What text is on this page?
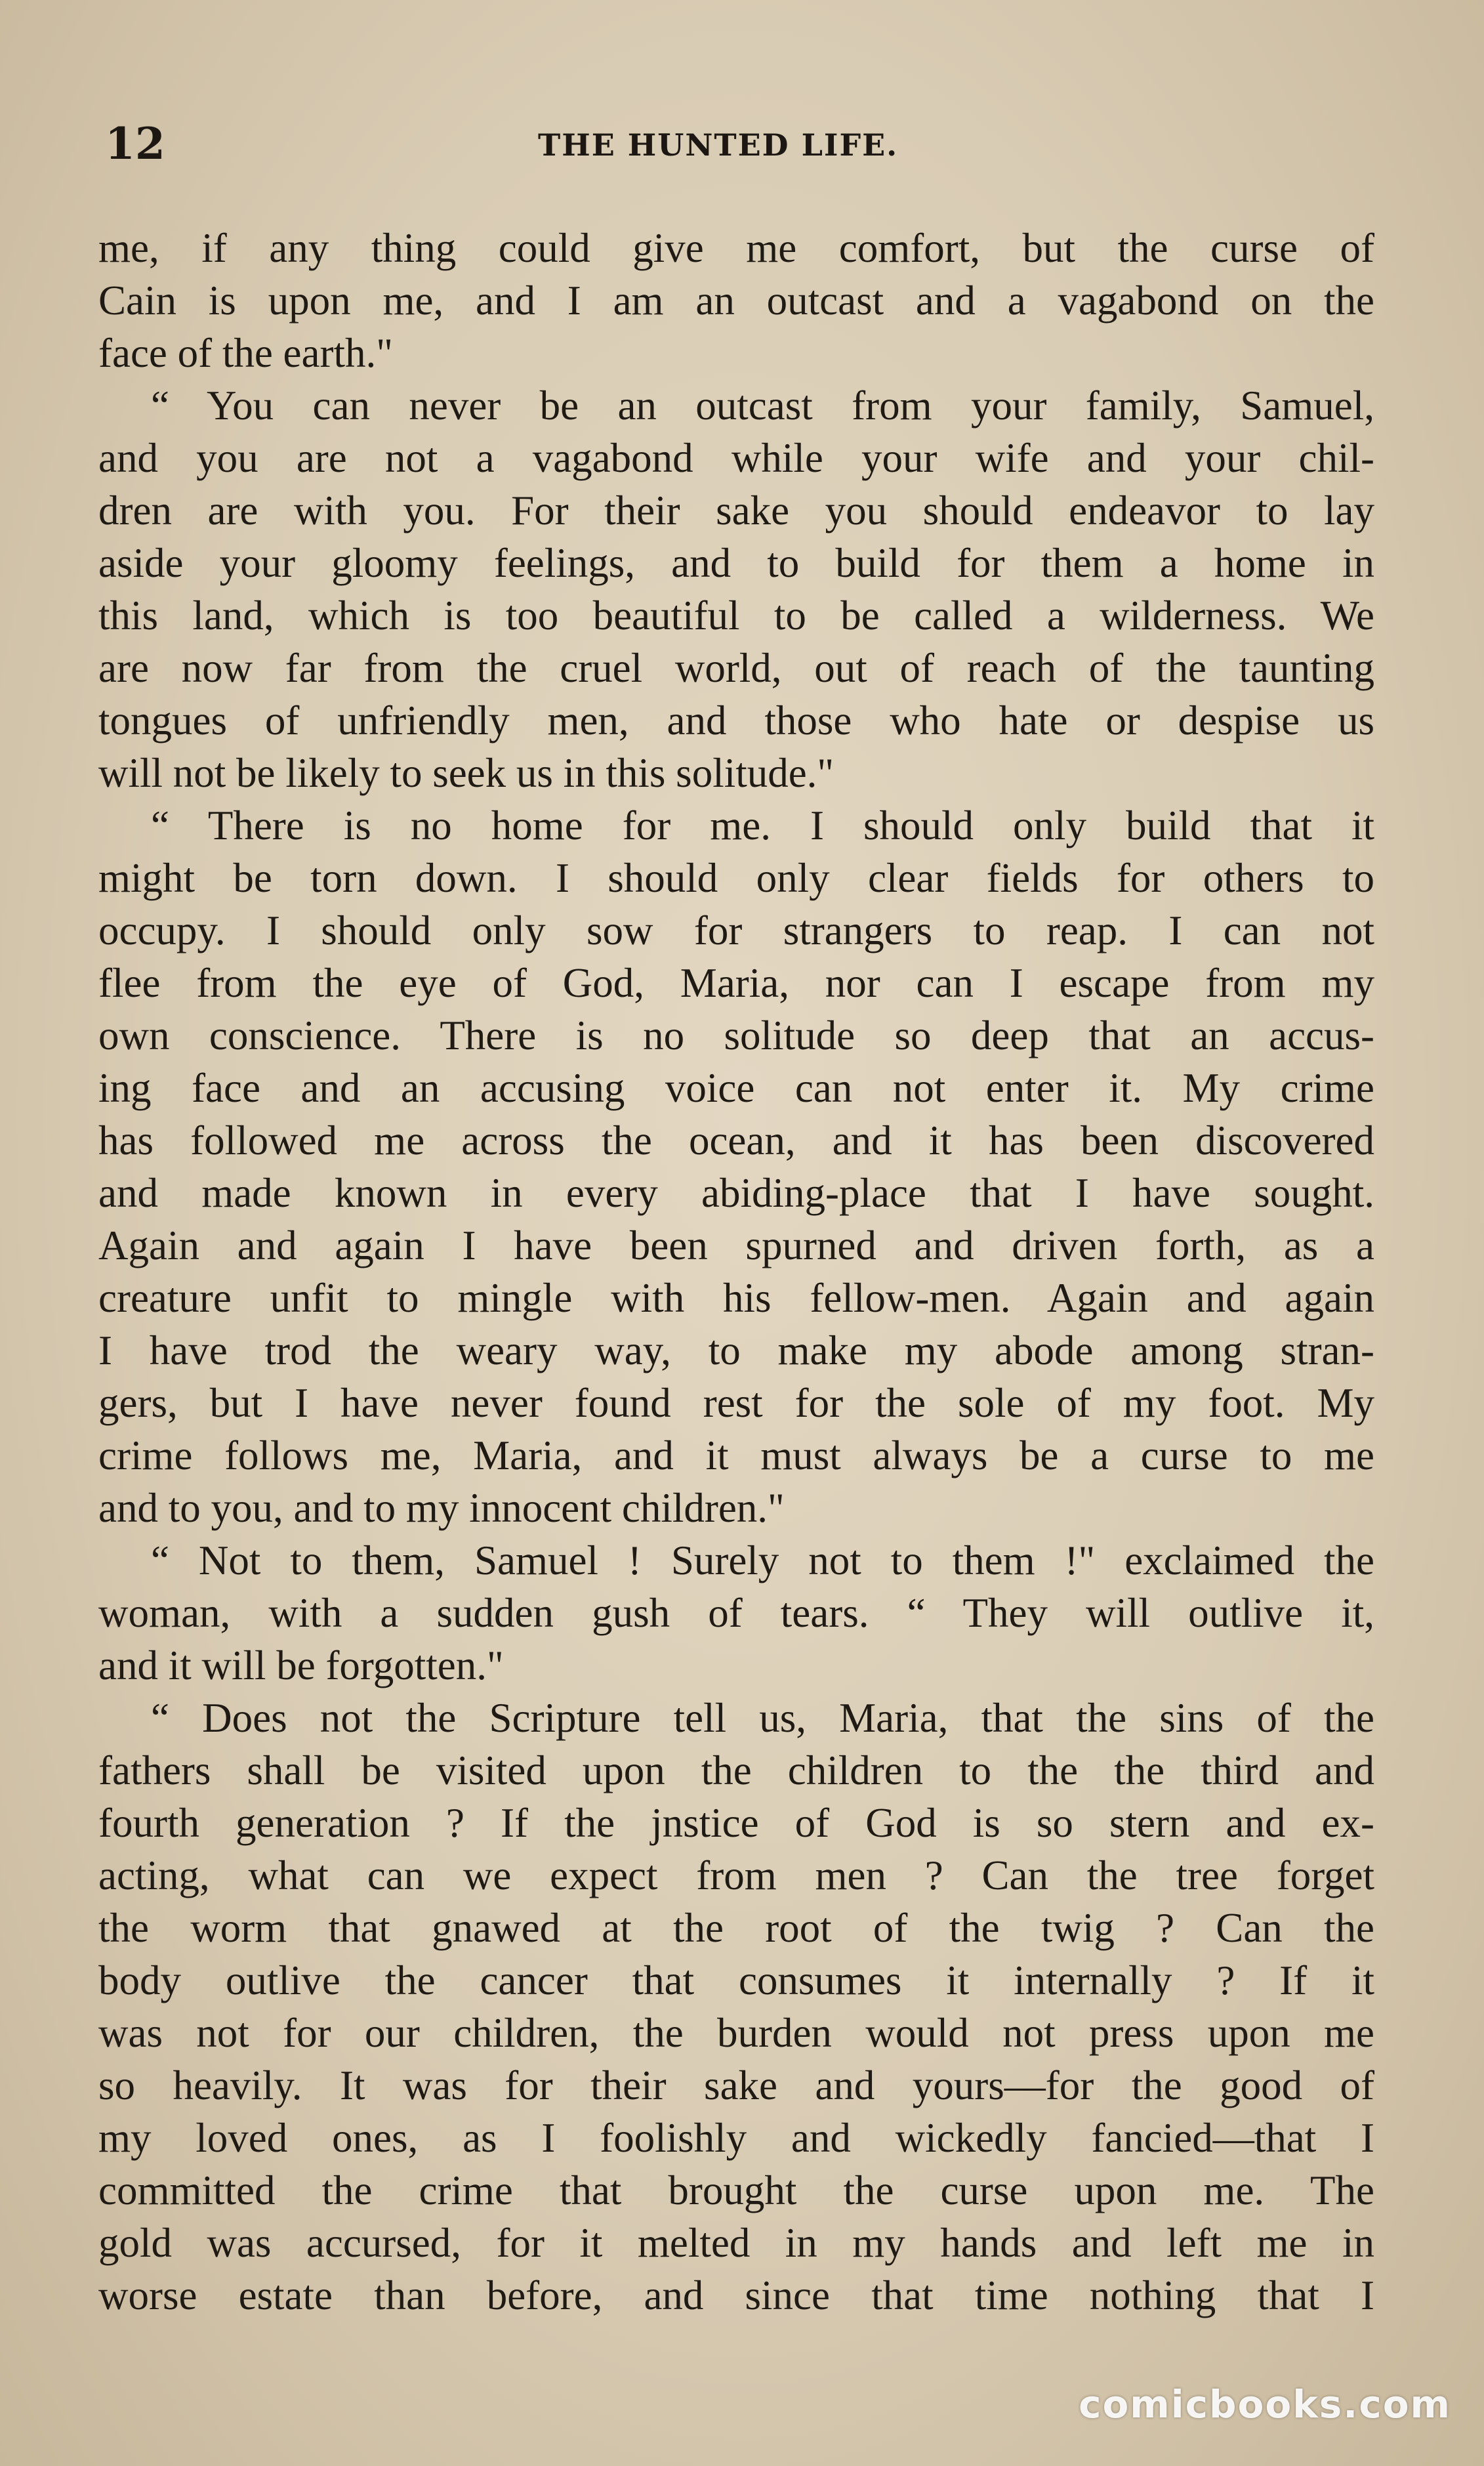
12	THE HUNTED LIFE.
me, if any thing could give me comfort, but the curse of
Cain is upon me, and I am an outcast and a vagabond on the
face of the earth."
“ You can never be an outcast from your family, Samuel,
and you are not a vagabond while your wife and your chil-
dren are with you. For their sake you should endeavor to lay
aside your gloomy feelings, and to build for them a home in
this land, which is too beautiful to be called a wilderness. We
are now far from the cruel world, out of reach of the taunting
tongues of unfriendly men, and those who hate or despise us
will not be likely to seek us in this solitude."
“ There is no home for me. I should only build that it
might be torn down. I should only clear fields for others to
occupy. I should only sow for strangers to reap. I can not
flee from the eye of God, Maria, nor can I escape from my
own conscience. There is no solitude so deep that an accus-
ing face and an accusing voice can not enter it. My crime
has followed me across the ocean, and it has been discovered
and made known in every abiding-place that I have sought.
Again and again I have been spurned and driven forth, as a
creature unfit to mingle with his fellow-men. Again and again
I have trod the weary way, to make my abode among stran-
gers, but I have never found rest for the sole of my foot. My
crime follows me, Maria, and it must always be a curse to me
and to you, and to my innocent children."
“ Not to them, Samuel ! Surely not to them !" exclaimed the
woman, with a sudden gush of tears. “ They will outlive it,
and it will be forgotten."
“ Does not the Scripture tell us, Maria, that the sins of the
fathers shall be visited upon the children to the the third and
fourth generation ? If the jnstice of God is so stern and ex-
acting, what can we expect from men ? Can the tree forget
the worm that gnawed at the root of the twig ? Can the
body outlive the cancer that consumes it internally ? If it
was not for our children, the burden would not press upon me
so heavily. It was for their sake and yours—for the good of
my loved ones, as I foolishly and wickedly fancied—that I
committed the crime that brought the curse upon me. The
gold was accursed, for it melted in my hands and left me in
worse estate than before, and since that time nothing that I
comicbooks.com
